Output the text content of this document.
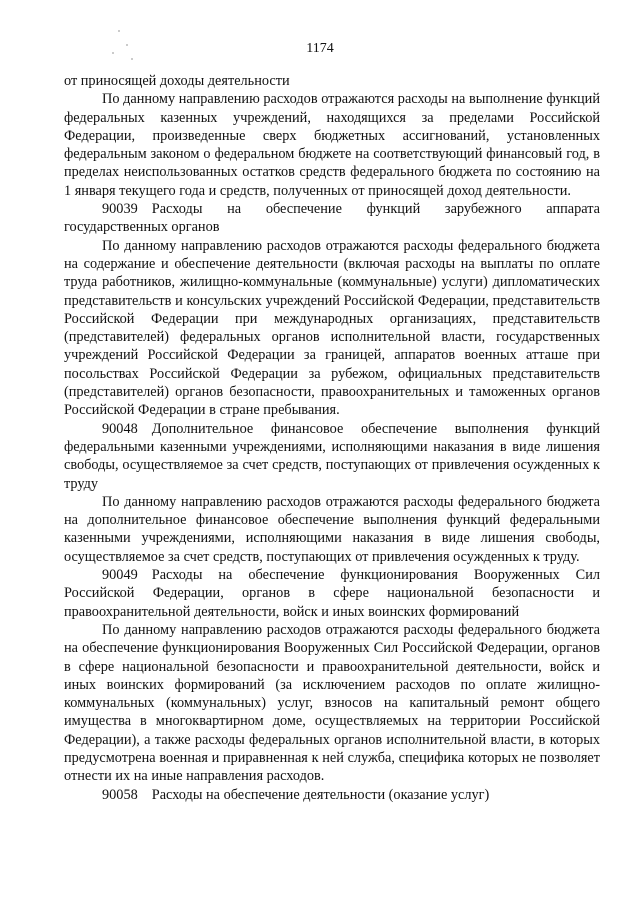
1174

от приносящей доходы деятельности

По данному направлению расходов отражаются расходы на выполнение функций федеральных казенных учреждений, находящихся за пределами Российской Федерации, произведенные сверх бюджетных ассигнований, установленных федеральным законом о федеральном бюджете на соответствующий финансовый год, в пределах неиспользованных остатков средств федерального бюджета по состоянию на 1 января текущего года и средств, полученных от приносящей доход деятельности.

90039 Расходы на обеспечение функций зарубежного аппарата государственных органов

По данному направлению расходов отражаются расходы федерального бюджета на содержание и обеспечение деятельности (включая расходы на выплаты по оплате труда работников, жилищно-коммунальные (коммунальные) услуги) дипломатических представительств и консульских учреждений Российской Федерации, представительств Российской Федерации при международных организациях, представительств (представителей) федеральных органов исполнительной власти, государственных учреждений Российской Федерации за границей, аппаратов военных атташе при посольствах Российской Федерации за рубежом, официальных представительств (представителей) органов безопасности, правоохранительных и таможенных органов Российской Федерации в стране пребывания.

90048 Дополнительное финансовое обеспечение выполнения функций федеральными казенными учреждениями, исполняющими наказания в виде лишения свободы, осуществляемое за счет средств, поступающих от привлечения осужденных к труду

По данному направлению расходов отражаются расходы федерального бюджета на дополнительное финансовое обеспечение выполнения функций федеральными казенными учреждениями, исполняющими наказания в виде лишения свободы, осуществляемое за счет средств, поступающих от привлечения осужденных к труду.

90049 Расходы на обеспечение функционирования Вооруженных Сил Российской Федерации, органов в сфере национальной безопасности и правоохранительной деятельности, войск и иных воинских формирований

По данному направлению расходов отражаются расходы федерального бюджета на обеспечение функционирования Вооруженных Сил Российской Федерации, органов в сфере национальной безопасности и правоохранительной деятельности, войск и иных воинских формирований (за исключением расходов по оплате жилищно-коммунальных (коммунальных) услуг, взносов на капитальный ремонт общего имущества в многоквартирном доме, осуществляемых на территории Российской Федерации), а также расходы федеральных органов исполнительной власти, в которых предусмотрена военная и приравненная к ней служба, специфика которых не позволяет отнести их на иные направления расходов.

90058 Расходы на обеспечение деятельности (оказание услуг)
